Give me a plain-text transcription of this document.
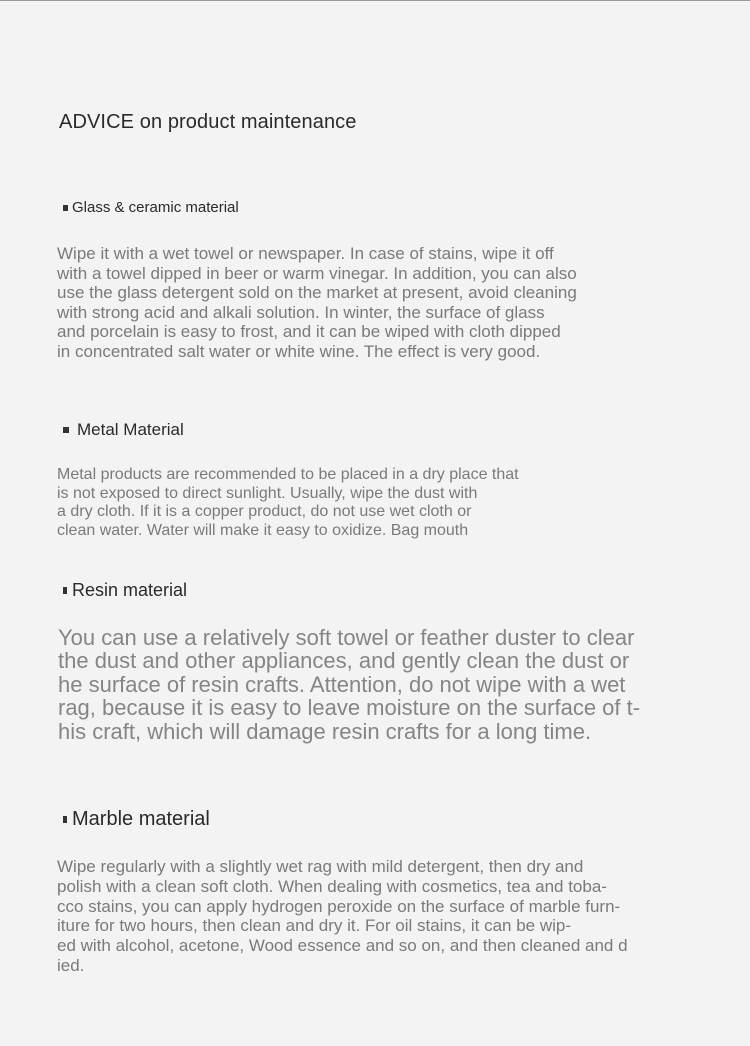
ADVICE on product maintenance
Glass & ceramic material

Wipe it with a wet towel or newspaper. In case of stains, wipe it off
with a towel dipped in beer or warm vinegar. In addition, you can also
use the glass detergent sold on the market at present, avoid cleaning
with strong acid and alkali solution. In winter, the surface of glass
and porcelain is easy to frost, and it can be wiped with cloth dipped
in concentrated salt water or white wine. The effect is very good.

Metal Material

Metal products are recommended to be placed in a dry place that
is not exposed to direct sunlight. Usually, wipe the dust with
a dry cloth. If it is a copper product, do not use wet cloth or
clean water. Water will make it easy to oxidize. Bag mouth

Resin material

You can use a relatively soft towel or feather duster to clear
the dust and other appliances, and gently clean the dust or
he surface of resin crafts. Attention, do not wipe with a wet
rag, because it is easy to leave moisture on the surface of t-
his craft, which will damage resin crafts for a long time.

Marble material

Wipe regularly with a slightly wet rag with mild detergent, then dry and
polish with a clean soft cloth. When dealing with cosmetics, tea and toba-
cco stains, you can apply hydrogen peroxide on the surface of marble furn-
iture for two hours, then clean and dry it. For oil stains, it can be wip-
ed with alcohol, acetone, Wood essence and so on, and then cleaned and d
ied.
